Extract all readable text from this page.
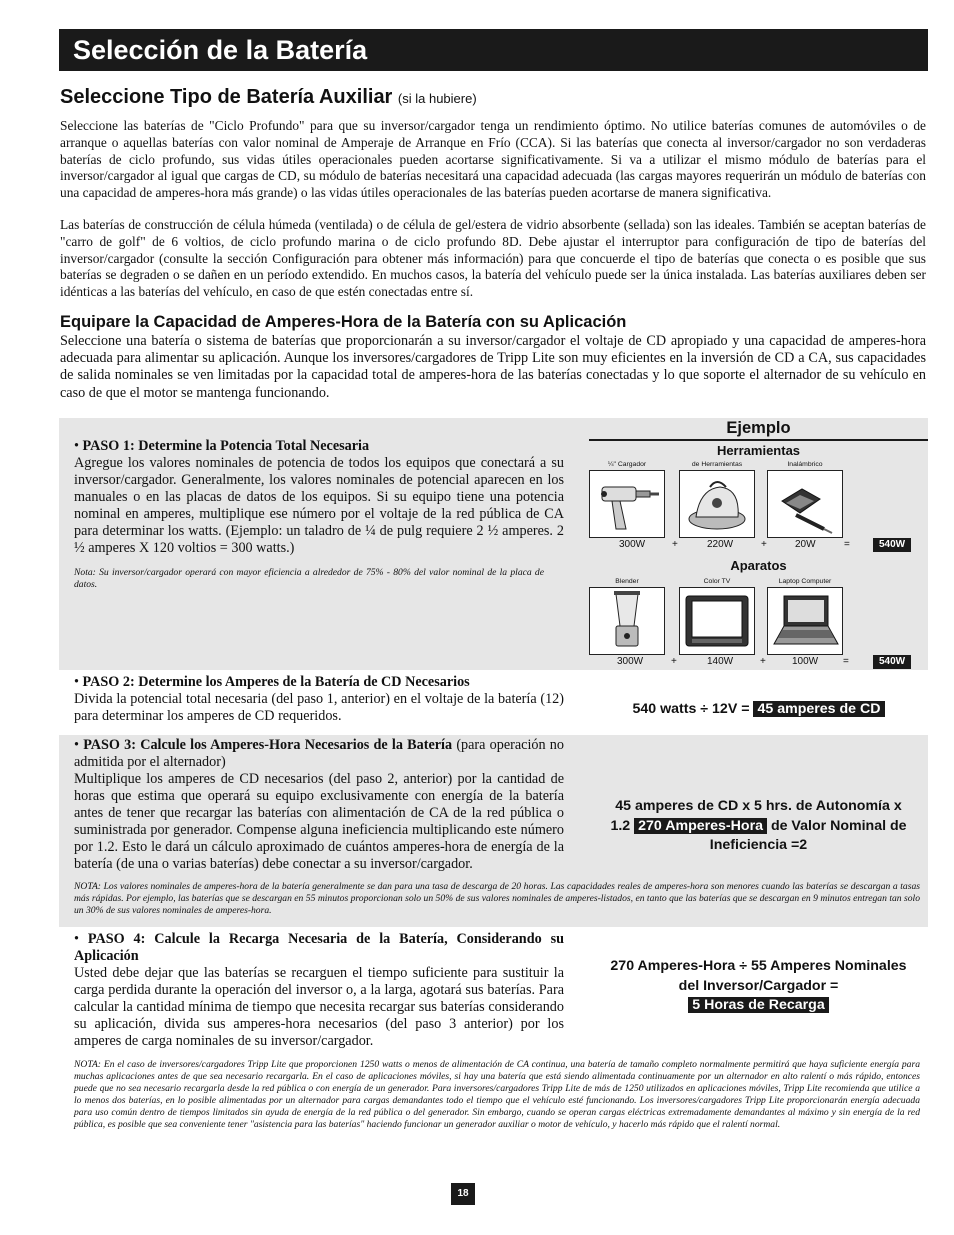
Selección de la Batería
Seleccione Tipo de Batería Auxiliar (si la hubiere)

Seleccione las baterías de "Ciclo Profundo" para que su inversor/cargador tenga un rendimiento óptimo. No utilice baterías comunes de automóviles o de arranque o aquellas baterías con valor nominal de Amperaje de Arranque en Frío (CCA). Si las baterías que conecta al inversor/cargador no son verdaderas baterías de ciclo profundo, sus vidas útiles operacionales pueden acortarse significativamente. Si va a utilizar el mismo módulo de baterías para el inversor/cargador al igual que cargas de CD, su módulo de baterías necesitará una capacidad adecuada (las cargas mayores requerirán un módulo de baterías con una capacidad de amperes-hora más grande) o las vidas útiles operacionales de las baterías pueden acortarse de manera significativa.

Las baterías de construcción de célula húmeda (ventilada) o de célula de gel/estera de vidrio absorbente (sellada) son las ideales. También se aceptan baterías de "carro de golf" de 6 voltios, de ciclo profundo marina o de ciclo profundo 8D. Debe ajustar el interruptor para configuración de tipo de baterías del inversor/cargador (consulte la sección Configuración para obtener más información) para que concuerde el tipo de baterías que conecta o es posible que sus baterías se degraden o se dañen en un período extendido. En muchos casos, la batería del vehículo puede ser la única instalada. Las baterías auxiliares deben ser idénticas a las baterías del vehículo, en caso de que estén conectadas entre sí.

Equipare la Capacidad de Amperes-Hora de la Batería con su Aplicación

Seleccione una batería o sistema de baterías que proporcionarán a su inversor/cargador el voltaje de CD apropiado y una capacidad de amperes-hora adecuada para alimentar su aplicación. Aunque los inversores/cargadores de Tripp Lite son muy eficientes en la inversión de CD a CA, sus capacidades de salida nominales se ven limitadas por la capacidad total de amperes-hora de las baterías conectadas y lo que soporte el alternador de su vehículo en caso de que el motor se mantenga funcionando.

• PASO 1: Determine la Potencia Total Necesaria
Agregue los valores nominales de potencia de todos los equipos que conectará a su inversor/cargador. Generalmente, los valores nominales de potencial aparecen en los manuales o en las placas de datos de los equipos. Si su equipo tiene una potencia nominal en amperes, multiplique ese número por el voltaje de la red pública de CA para determinar los watts. (Ejemplo: un taladro de ¼ de pulg requiere 2 ½ amperes. 2 ½ amperes X 120 voltios = 300 watts.)

Nota: Su inversor/cargador operará con mayor eficiencia a alrededor de 75% - 80% del valor nominal de la placa de datos.

• PASO 2: Determine los Amperes de la Batería de CD Necesarios
Divida la potencial total necesaria (del paso 1, anterior) en el voltaje de la batería (12) para determinar los amperes de CD requeridos.

• PASO 3: Calcule los Amperes-Hora Necesarios de la Batería (para operación no admitida por el alternador)
Multiplique los amperes de CD necesarios (del paso 2, anterior) por la cantidad de horas que estima que operará su equipo exclusivamente con energía de la batería antes de tener que recargar las baterías con alimentación de CA de la red pública o suministrada por generador. Compense alguna ineficiencia multiplicando este número por 1.2. Esto le dará un cálculo aproximado de cuántos amperes-hora de energía de la batería (de una o varias baterías) debe conectar a su inversor/cargador.

NOTA: Los valores nominales de amperes-hora de la batería generalmente se dan para una tasa de descarga de 20 horas. Las capacidades reales de amperes-hora son menores cuando las baterías se descargan a tasas más rápidas. Por ejemplo, las baterías que se descargan en 55 minutos proporcionan solo un 50% de sus valores nominales de amperes-listados, en tanto que las baterías que se descargan en 9 minutos entregan tan solo un 30% de sus valores nominales de amperes-hora.

• PASO 4: Calcule la Recarga Necesaria de la Batería, Considerando su Aplicación
Usted debe dejar que las baterías se recarguen el tiempo suficiente para sustituir la carga perdida durante la operación del inversor o, a la larga, agotará sus baterías. Para calcular la cantidad mínima de tiempo que necesita recargar sus baterías considerando su aplicación, divida sus amperes-hora necesarios (del paso 3 anterior) por los amperes de carga nominales de su inversor/cargador.

NOTA: En el caso de inversores/cargadores Tripp Lite que proporcionen 1250 watts o menos de alimentación de CA continua, una batería de tamaño completo normalmente permitirá que haya suficiente energía para muchas aplicaciones antes de que sea necesario recargarla. En el caso de aplicaciones móviles, si hay una batería que está siendo alimentada continuamente por un alternador en alto ralentí o más rápido, entonces puede que no sea necesario recargarla desde la red pública o con energía de un generador. Para inversores/cargadores Tripp Lite de más de 1250 utilizados en aplicaciones móviles, Tripp Lite recomienda que utilice a lo menos dos baterías, en lo posible alimentadas por un alternador para cargas demandantes todo el tiempo que el vehículo esté funcionando. Los inversores/cargadores Tripp Lite proporcionarán energía adecuada para uso común dentro de tiempos limitados sin ayuda de energía de la red pública o del generador. Sin embargo, cuando se operan cargas eléctricas extremadamente demandantes al máximo y sin energía de la red pública, es posible que sea conveniente tener "asistencia para las baterías" haciendo funcionar un generador auxiliar o motor de vehículo, y hacerlo más rápido que el ralentí normal.

Ejemplo
Herramientas
¼" Cargador	de Herramientas	Inalámbrico
300W	+	220W	+	20W	=	540W
Aparatos
Blender	Color TV	Laptop Computer
300W	+	140W	+	100W =	540W
540 watts ÷ 12V = 45 amperes de CD
45 amperes de CD x 5 hrs. de Autonomía x
1.2 270 Amperes-Hora de Valor Nominal de
Ineficiencia =2
270 Amperes-Hora ÷ 55 Amperes Nominales
del Inversor/Cargador =
5 Horas de Recarga
18
